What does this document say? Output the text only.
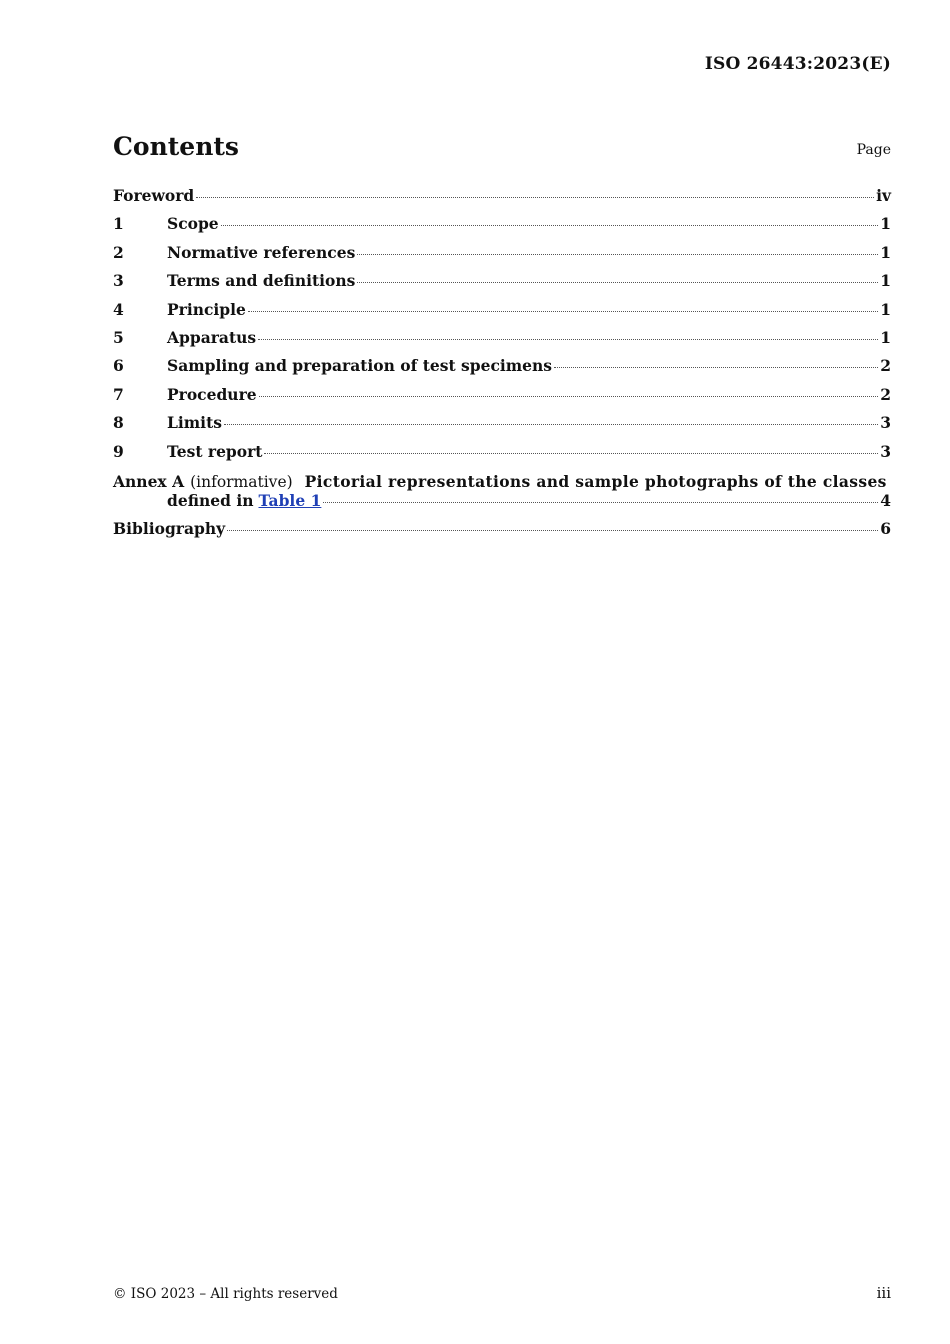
ISO 26443:2023(E)
Contents	Page
Foreword	iv
1	Scope	1
2	Normative references	1
3	Terms and definitions	1
4	Principle	1
5	Apparatus	1
6	Sampling and preparation of test specimens	2
7	Procedure	2
8	Limits	3
9	Test report	3
Annex A (informative) Pictorial representations and sample photographs of the classes
defined in Table 1	4
Bibliography	6
© ISO 2023 – All rights reserved	iii
